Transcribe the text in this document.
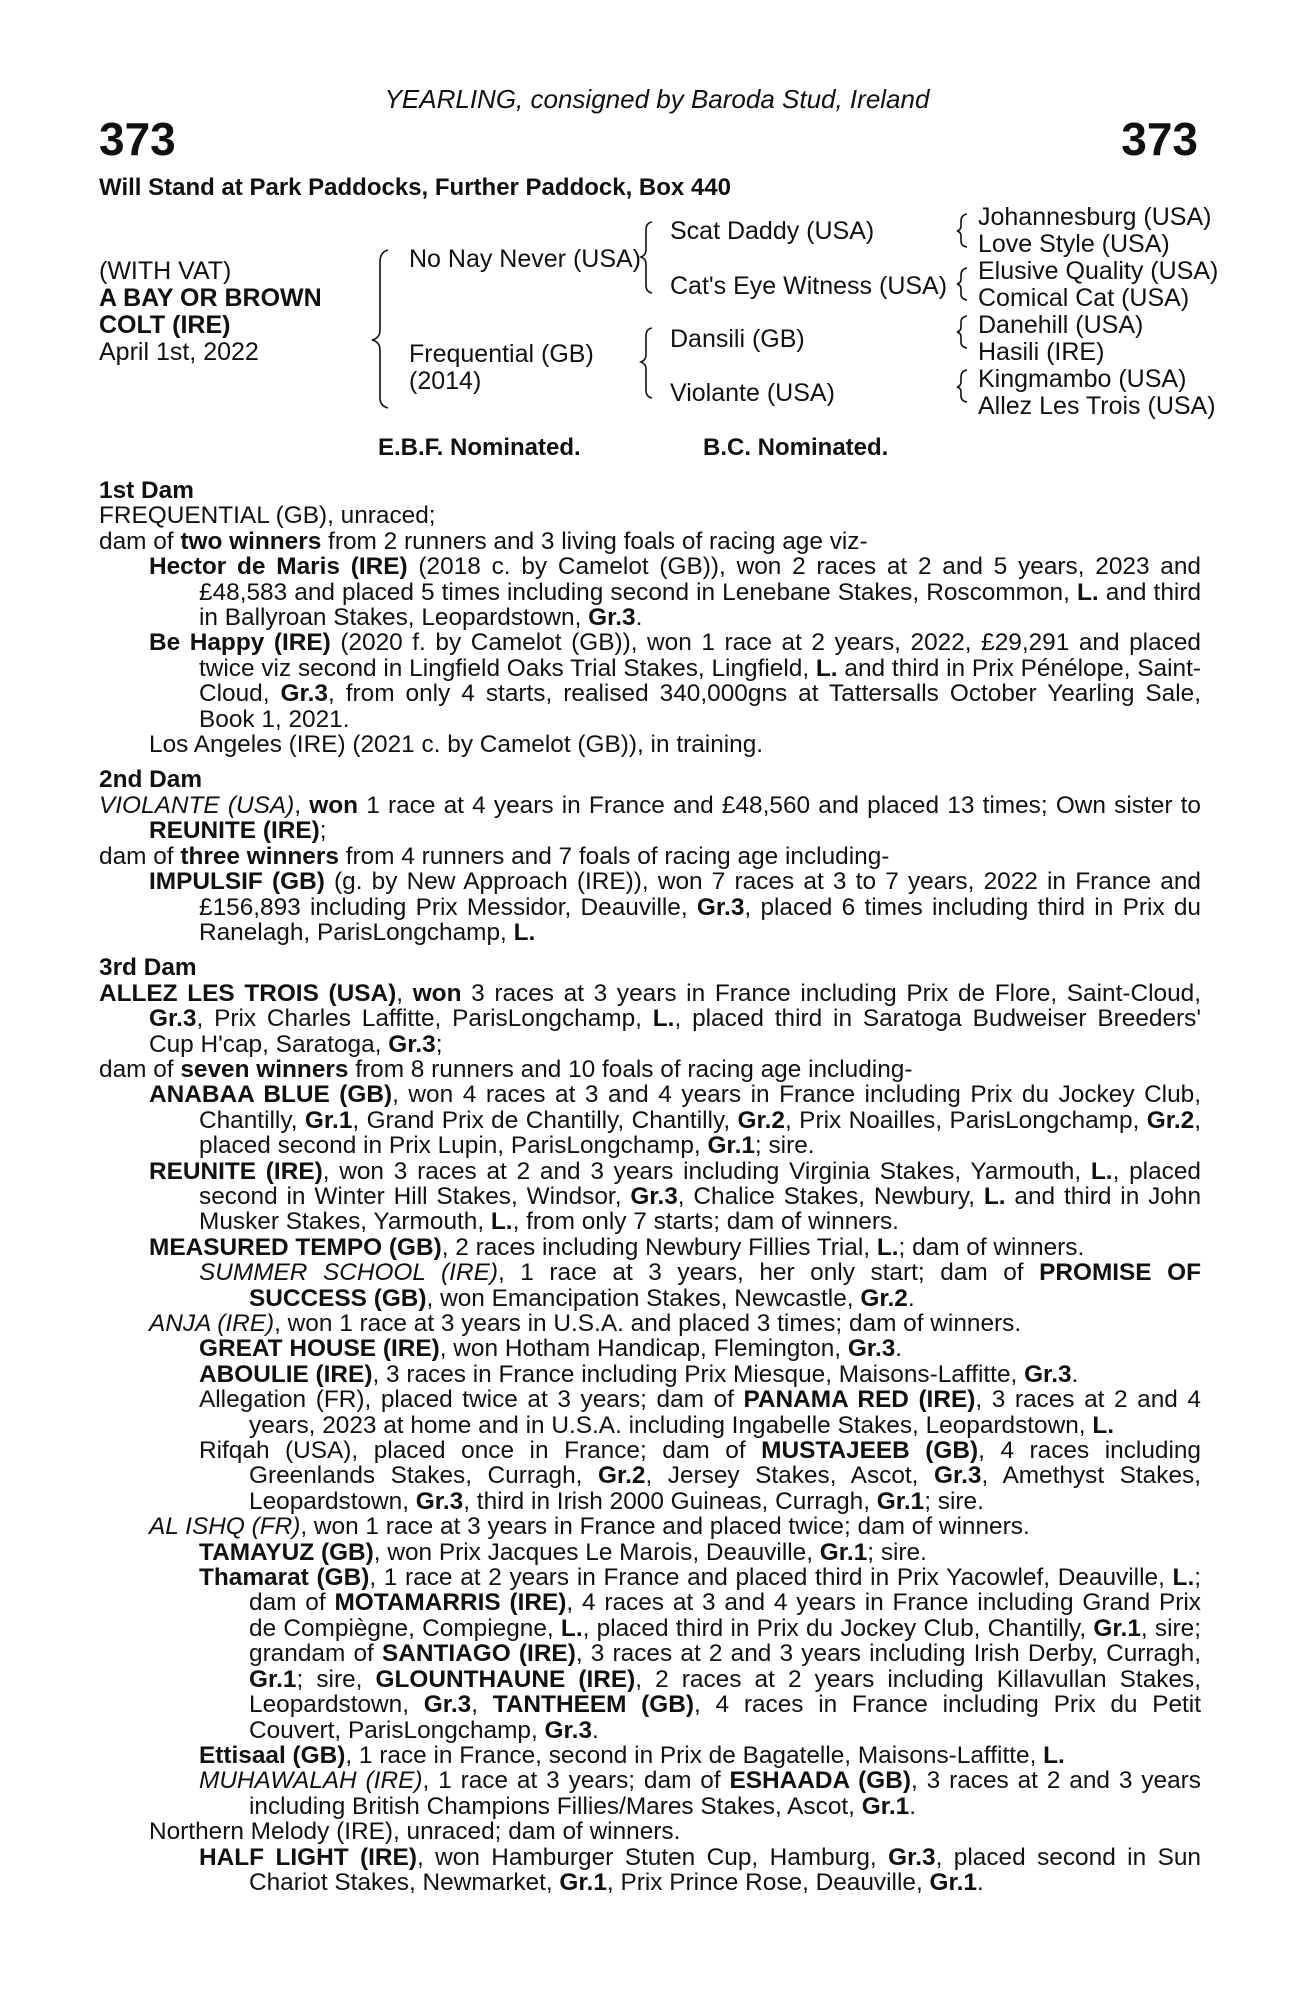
YEARLING, consigned by Baroda Stud, Ireland
373	373
Will Stand at Park Paddocks, Further Paddock, Box 440
(WITH VAT)
A BAY OR BROWN
COLT (IRE)
April 1st, 2022
No Nay Never (USA)
Frequential (GB)
(2014)
Scat Daddy (USA)
Cat's Eye Witness (USA)
Dansili (GB)
Violante (USA)
Johannesburg (USA)
Love Style (USA)
Elusive Quality (USA)
Comical Cat (USA)
Danehill (USA)
Hasili (IRE)
Kingmambo (USA)
Allez Les Trois (USA)
E.B.F. Nominated.	B.C. Nominated.
1st Dam
FREQUENTIAL (GB), unraced;
dam of two winners from 2 runners and 3 living foals of racing age viz-
Hector de Maris (IRE) (2018 c. by Camelot (GB)), won 2 races at 2 and 5 years, 2023 and £48,583 and placed 5 times including second in Lenebane Stakes, Roscommon, L. and third in Ballyroan Stakes, Leopardstown, Gr.3.
Be Happy (IRE) (2020 f. by Camelot (GB)), won 1 race at 2 years, 2022, £29,291 and placed twice viz second in Lingfield Oaks Trial Stakes, Lingfield, L. and third in Prix Pénélope, Saint-Cloud, Gr.3, from only 4 starts, realised 340,000gns at Tattersalls October Yearling Sale, Book 1, 2021.
Los Angeles (IRE) (2021 c. by Camelot (GB)), in training.
2nd Dam
VIOLANTE (USA), won 1 race at 4 years in France and £48,560 and placed 13 times; Own sister to REUNITE (IRE);
dam of three winners from 4 runners and 7 foals of racing age including-
IMPULSIF (GB) (g. by New Approach (IRE)), won 7 races at 3 to 7 years, 2022 in France and £156,893 including Prix Messidor, Deauville, Gr.3, placed 6 times including third in Prix du Ranelagh, ParisLongchamp, L.
3rd Dam
ALLEZ LES TROIS (USA), won 3 races at 3 years in France including Prix de Flore, Saint-Cloud, Gr.3, Prix Charles Laffitte, ParisLongchamp, L., placed third in Saratoga Budweiser Breeders' Cup H'cap, Saratoga, Gr.3;
dam of seven winners from 8 runners and 10 foals of racing age including-
ANABAA BLUE (GB), won 4 races at 3 and 4 years in France including Prix du Jockey Club, Chantilly, Gr.1, Grand Prix de Chantilly, Chantilly, Gr.2, Prix Noailles, ParisLongchamp, Gr.2, placed second in Prix Lupin, ParisLongchamp, Gr.1; sire.
REUNITE (IRE), won 3 races at 2 and 3 years including Virginia Stakes, Yarmouth, L., placed second in Winter Hill Stakes, Windsor, Gr.3, Chalice Stakes, Newbury, L. and third in John Musker Stakes, Yarmouth, L., from only 7 starts; dam of winners.
MEASURED TEMPO (GB), 2 races including Newbury Fillies Trial, L.; dam of winners.
SUMMER SCHOOL (IRE), 1 race at 3 years, her only start; dam of PROMISE OF SUCCESS (GB), won Emancipation Stakes, Newcastle, Gr.2.
ANJA (IRE), won 1 race at 3 years in U.S.A. and placed 3 times; dam of winners.
GREAT HOUSE (IRE), won Hotham Handicap, Flemington, Gr.3.
ABOULIE (IRE), 3 races in France including Prix Miesque, Maisons-Laffitte, Gr.3.
Allegation (FR), placed twice at 3 years; dam of PANAMA RED (IRE), 3 races at 2 and 4 years, 2023 at home and in U.S.A. including Ingabelle Stakes, Leopardstown, L.
Rifqah (USA), placed once in France; dam of MUSTAJEEB (GB), 4 races including Greenlands Stakes, Curragh, Gr.2, Jersey Stakes, Ascot, Gr.3, Amethyst Stakes, Leopardstown, Gr.3, third in Irish 2000 Guineas, Curragh, Gr.1; sire.
AL ISHQ (FR), won 1 race at 3 years in France and placed twice; dam of winners.
TAMAYUZ (GB), won Prix Jacques Le Marois, Deauville, Gr.1; sire.
Thamarat (GB), 1 race at 2 years in France and placed third in Prix Yacowlef, Deauville, L.; dam of MOTAMARRIS (IRE), 4 races at 3 and 4 years in France including Grand Prix de Compiègne, Compiegne, L., placed third in Prix du Jockey Club, Chantilly, Gr.1, sire; grandam of SANTIAGO (IRE), 3 races at 2 and 3 years including Irish Derby, Curragh, Gr.1; sire, GLOUNTHAUNE (IRE), 2 races at 2 years including Killavullan Stakes, Leopardstown, Gr.3, TANTHEEM (GB), 4 races in France including Prix du Petit Couvert, ParisLongchamp, Gr.3.
Ettisaal (GB), 1 race in France, second in Prix de Bagatelle, Maisons-Laffitte, L.
MUHAWALAH (IRE), 1 race at 3 years; dam of ESHAADA (GB), 3 races at 2 and 3 years including British Champions Fillies/Mares Stakes, Ascot, Gr.1.
Northern Melody (IRE), unraced; dam of winners.
HALF LIGHT (IRE), won Hamburger Stuten Cup, Hamburg, Gr.3, placed second in Sun Chariot Stakes, Newmarket, Gr.1, Prix Prince Rose, Deauville, Gr.1.
